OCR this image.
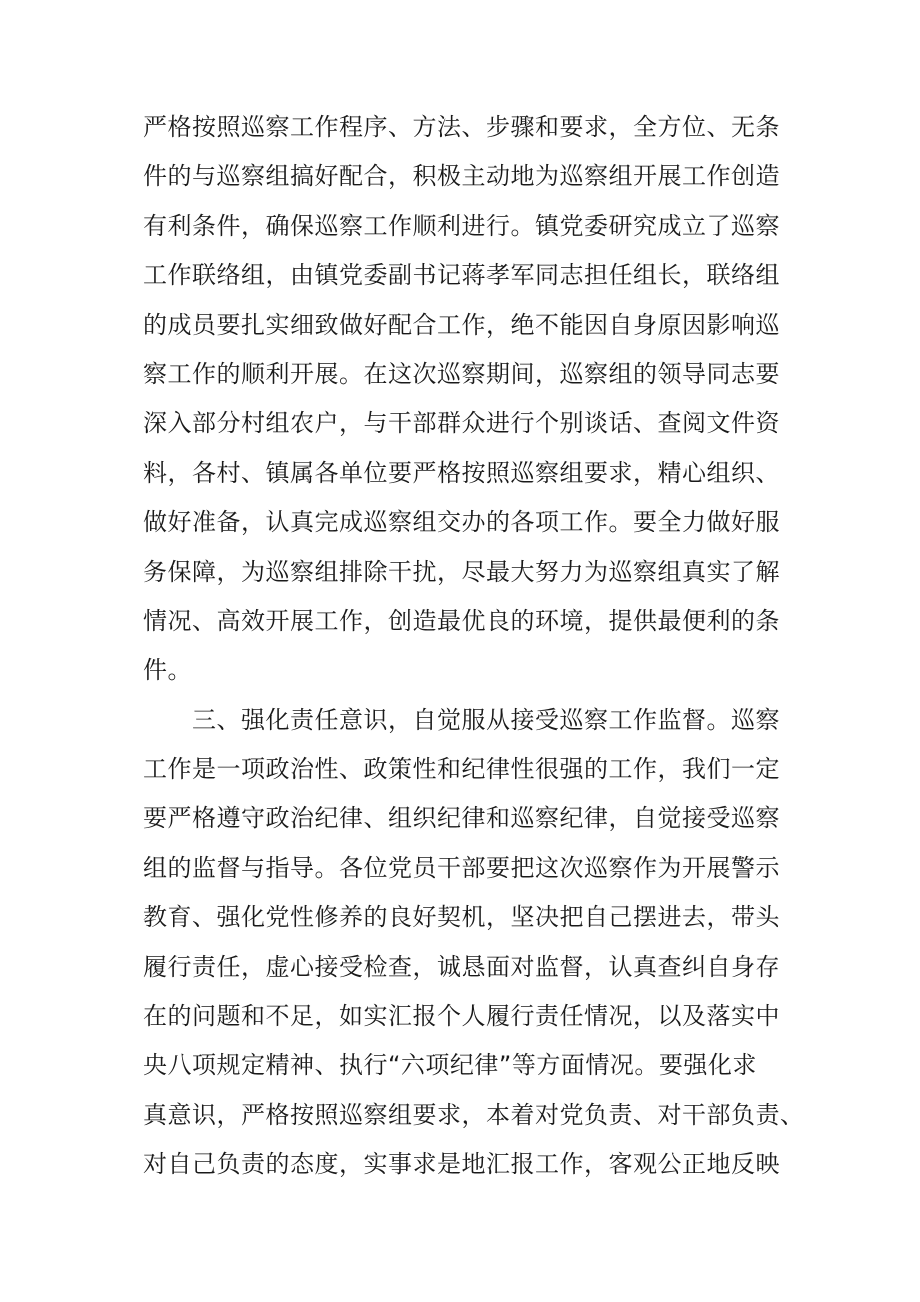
严格按照巡察工作程序、方法、步骤和要求，全方位、无条
件的与巡察组搞好配合，积极主动地为巡察组开展工作创造
有利条件，确保巡察工作顺利进行。镇党委研究成立了巡察
工作联络组，由镇党委副书记蒋孝军同志担任组长，联络组
的成员要扎实细致做好配合工作，绝不能因自身原因影响巡
察工作的顺利开展。在这次巡察期间，巡察组的领导同志要
深入部分村组农户，与干部群众进行个别谈话、查阅文件资
料，各村、镇属各单位要严格按照巡察组要求，精心组织、
做好准备，认真完成巡察组交办的各项工作。要全力做好服
务保障，为巡察组排除干扰，尽最大努力为巡察组真实了解
情况、高效开展工作，创造最优良的环境，提供最便利的条
件。
　　三、强化责任意识，自觉服从接受巡察工作监督。巡察
工作是一项政治性、政策性和纪律性很强的工作，我们一定
要严格遵守政治纪律、组织纪律和巡察纪律，自觉接受巡察
组的监督与指导。各位党员干部要把这次巡察作为开展警示
教育、强化党性修养的良好契机，坚决把自己摆进去，带头
履行责任，虚心接受检查，诚恳面对监督，认真查纠自身存
在的问题和不足，如实汇报个人履行责任情况，以及落实中
央八项规定精神、执行“六项纪律”等方面情况。要强化求
真意识，严格按照巡察组要求，本着对党负责、对干部负责、
对自己负责的态度，实事求是地汇报工作，客观公正地反映
